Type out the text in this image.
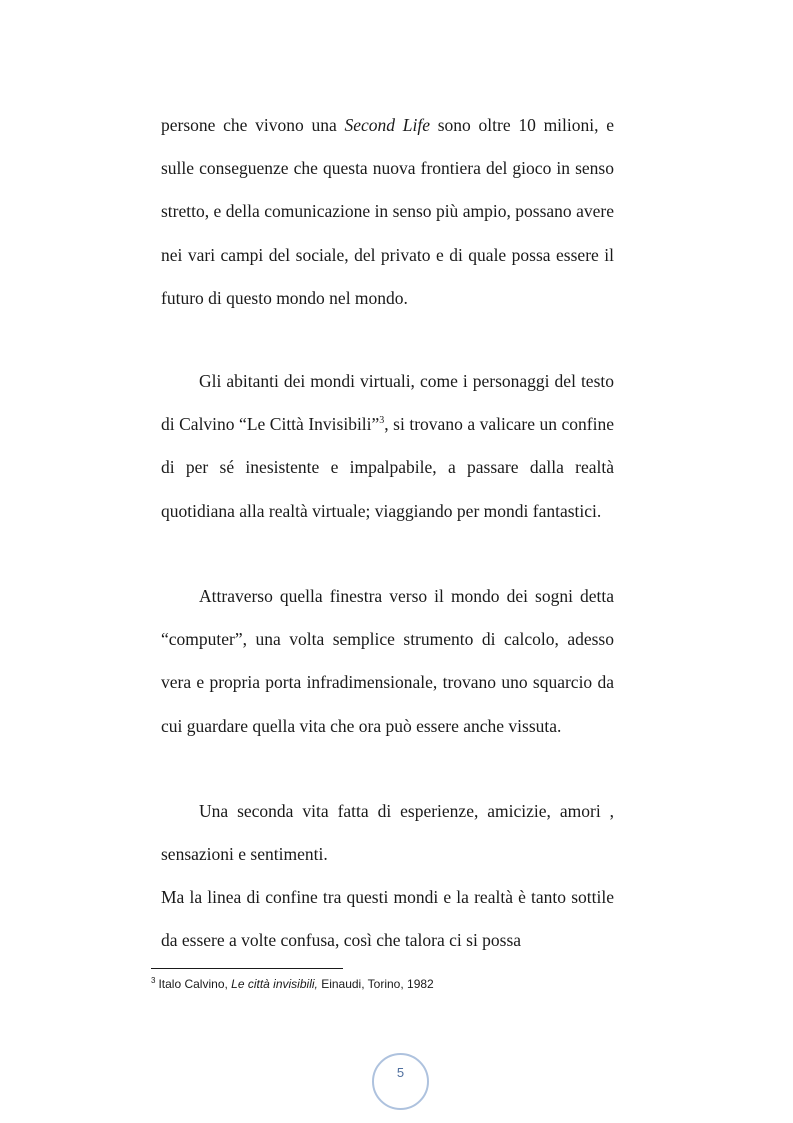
persone che vivono una Second Life sono oltre 10 milioni, e sulle conseguenze che questa nuova frontiera del gioco in senso stretto, e della comunicazione in senso più ampio, possano avere nei vari campi del sociale, del privato e di quale possa essere il futuro di questo mondo nel mondo.

Gli abitanti dei mondi virtuali, come i personaggi del testo di Calvino “Le Città Invisibili”$^3$, si trovano a valicare un confine di per sé inesistente e impalpabile, a passare dalla realtà quotidiana alla realtà virtuale; viaggiando per mondi fantastici.

Attraverso quella finestra verso il mondo dei sogni detta “computer”, una volta semplice strumento di calcolo, adesso vera e propria porta infradimensionale, trovano uno squarcio da cui guardare quella vita che ora può essere anche vissuta.

Una seconda vita fatta di esperienze, amicizie, amori , sensazioni e sentimenti.

Ma la linea di confine tra questi mondi e la realtà è tanto sottile da essere a volte confusa, così che talora ci si possa

$^3$ Italo Calvino, Le città invisibili, Einaudi, Torino, 1982
5
